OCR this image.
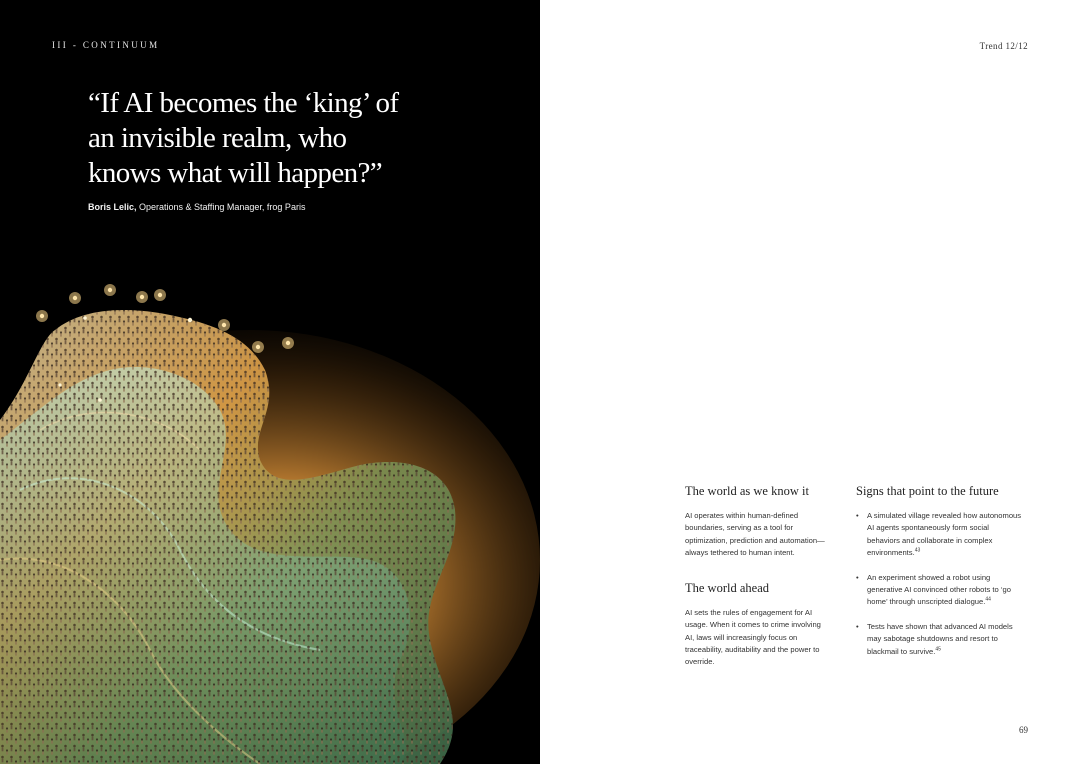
III - CONTINUUM
“If AI becomes the ‘king’ of an invisible realm, who knows what will happen?”
Boris Lelic, Operations & Staffing Manager, frog Paris
Trend 12/12
The world as we know it

AI operates within human-defined boundaries, serving as a tool for optimization, prediction and automation—always tethered to human intent.

The world ahead

AI sets the rules of engagement for AI usage. When it comes to crime involving AI, laws will increasingly focus on traceability, auditability and the power to override.

Signs that point to the future
• A simulated village revealed how autonomous AI agents spontaneously form social behaviors and collaborate in complex environments.$^{43}$
• An experiment showed a robot using generative AI convinced other robots to ‘go home’ through unscripted dialogue.$^{44}$
• Tests have shown that advanced AI models may sabotage shutdowns and resort to blackmail to survive.$^{45}$
69
